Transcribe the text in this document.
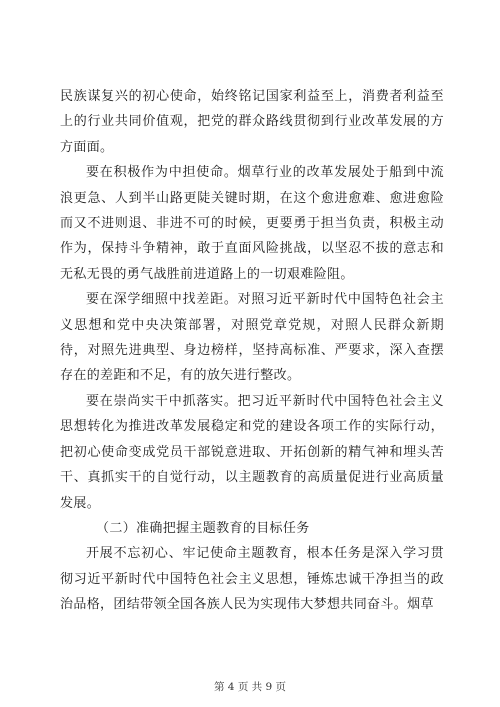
民族谋复兴的初心使命，始终铭记国家利益至上，消费者利益至上的行业共同价值观，把党的群众路线贯彻到行业改革发展的方方面面。

要在积极作为中担使命。烟草行业的改革发展处于船到中流浪更急、人到半山路更陡关键时期，在这个愈进愈难、愈进愈险而又不进则退、非进不可的时候，更要勇于担当负责，积极主动作为，保持斗争精神，敢于直面风险挑战，以坚忍不拔的意志和无私无畏的勇气战胜前进道路上的一切艰难险阻。

要在深学细照中找差距。对照习近平新时代中国特色社会主义思想和党中央决策部署，对照党章党规，对照人民群众新期待，对照先进典型、身边榜样，坚持高标准、严要求，深入查摆存在的差距和不足，有的放矢进行整改。

要在崇尚实干中抓落实。把习近平新时代中国特色社会主义思想转化为推进改革发展稳定和党的建设各项工作的实际行动，把初心使命变成党员干部锐意进取、开拓创新的精气神和埋头苦干、真抓实干的自觉行动，以主题教育的高质量促进行业高质量发展。

（二）准确把握主题教育的目标任务

开展不忘初心、牢记使命主题教育，根本任务是深入学习贯彻习近平新时代中国特色社会主义思想，锤炼忠诚干净担当的政治品格，团结带领全国各族人民为实现伟大梦想共同奋斗。烟草

第 4 页 共 9 页
